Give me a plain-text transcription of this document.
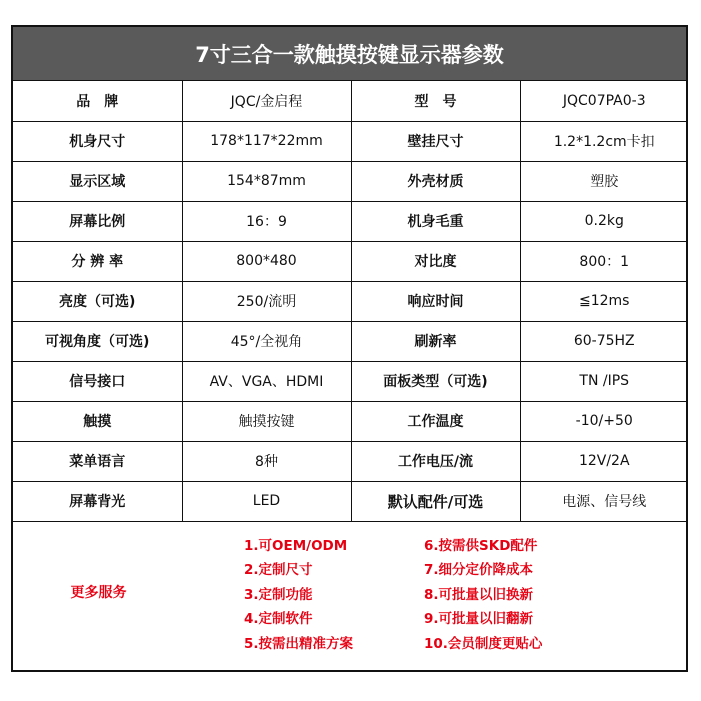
7寸三合一款触摸按键显示器参数
品　牌	JQC/金启程	型　号	JQC07PA0-3
机身尺寸	178*117*22mm	壁挂尺寸	1.2*1.2cm卡扣
显示区域	154*87mm	外壳材质	塑胶
屏幕比例	16：9	机身毛重	0.2kg
分 辨 率	800*480	对比度	800：1
亮度（可选)	250/流明	响应时间	≦12ms
可视角度（可选)	45°/全视角	刷新率	60-75HZ
信号接口	AV、VGA、HDMI	面板类型（可选)	TN /IPS
触摸	触摸按键	工作温度	-10/+50
菜单语言	8种	工作电压/流	12V/2A
屏幕背光	LED	默认配件/可选	电源、信号线
更多服务
1.可OEM/ODM
2.定制尺寸
3.定制功能
4.定制软件
5.按需出精准方案
6.按需供SKD配件
7.细分定价降成本
8.可批量以旧换新
9.可批量以旧翻新
10.会员制度更贴心
